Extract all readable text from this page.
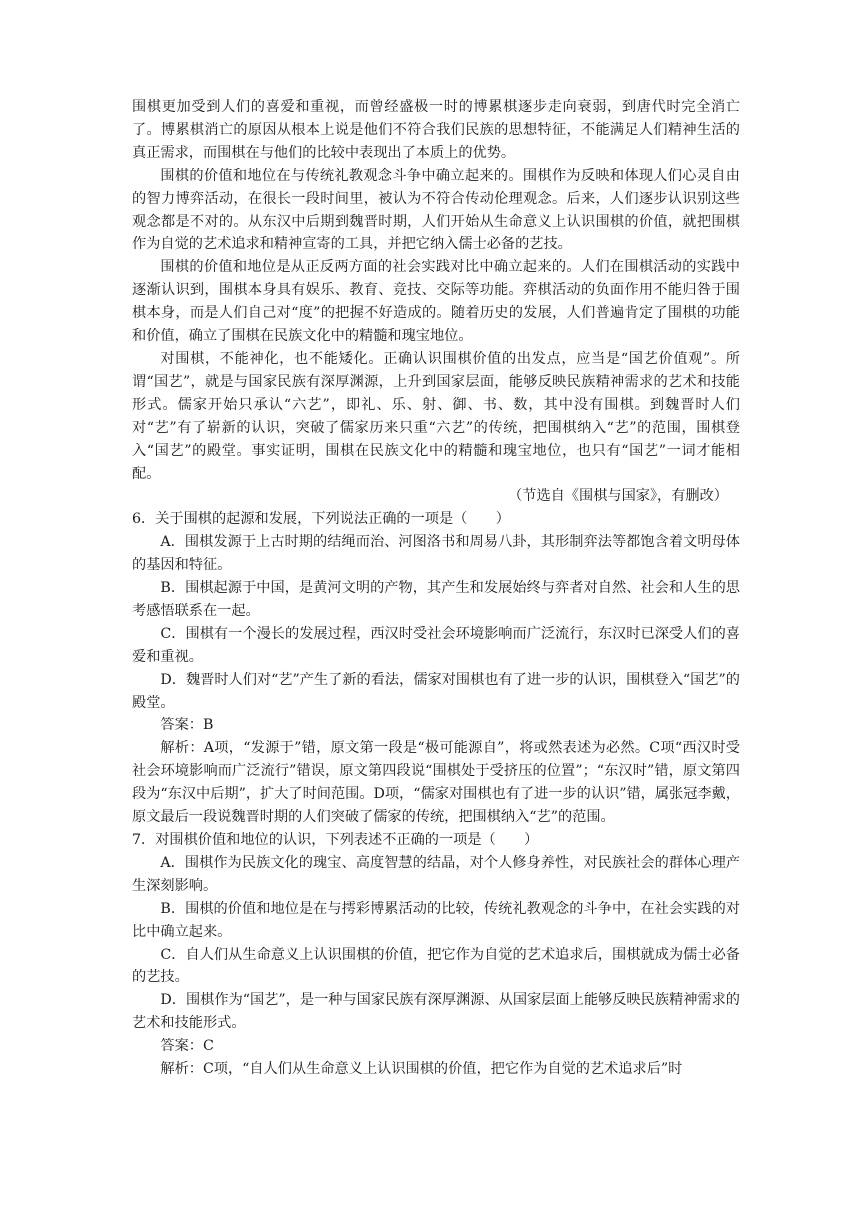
围棋更加受到人们的喜爱和重视，而曾经盛极一时的博累棋逐步走向衰弱，到唐代时完全消亡了。博累棋消亡的原因从根本上说是他们不符合我们民族的思想特征，不能满足人们精神生活的真正需求，而围棋在与他们的比较中表现出了本质上的优势。

围棋的价值和地位在与传统礼教观念斗争中确立起来的。围棋作为反映和体现人们心灵自由的智力博弈活动，在很长一段时间里，被认为不符合传动伦理观念。后来，人们逐步认识别这些观念都是不对的。从东汉中后期到魏晋时期，人们开始从生命意义上认识围棋的价值，就把围棋作为自觉的艺术追求和精神宣寄的工具，并把它纳入儒士必备的艺技。

围棋的价值和地位是从正反两方面的社会实践对比中确立起来的。人们在围棋活动的实践中逐渐认识到，围棋本身具有娱乐、教育、竞技、交际等功能。弈棋活动的负面作用不能归咎于围棋本身，而是人们自己对“度”的把握不好造成的。随着历史的发展，人们普遍肯定了围棋的功能和价值，确立了围棋在民族文化中的精髓和瑰宝地位。

对围棋，不能神化，也不能矮化。正确认识围棋价值的出发点，应当是“国艺价值观”。所谓“国艺”，就是与国家民族有深厚渊源，上升到国家层面，能够反映民族精神需求的艺术和技能形式。儒家开始只承认“六艺”，即礼、乐、射、御、书、数，其中没有围棋。到魏晋时人们对“艺”有了崭新的认识，突破了儒家历来只重“六艺”的传统，把围棋纳入“艺”的范围，围棋登入“国艺”的殿堂。事实证明，围棋在民族文化中的精髓和瑰宝地位，也只有“国艺”一词才能相配。

（节选自《围棋与国家》，有删改）

6．关于围棋的起源和发展，下列说法正确的一项是（　　）

A．围棋发源于上古时期的结绳而治、河图洛书和周易八卦，其形制弈法等都饱含着文明母体的基因和特征。

B．围棋起源于中国，是黄河文明的产物，其产生和发展始终与弈者对自然、社会和人生的思考感悟联系在一起。

C．围棋有一个漫长的发展过程，西汉时受社会环境影响而广泛流行，东汉时已深受人们的喜爱和重视。

D．魏晋时人们对“艺”产生了新的看法，儒家对围棋也有了进一步的认识，围棋登入“国艺”的殿堂。

答案：B

解析：A项，“发源于”错，原文第一段是“极可能源自”，将或然表述为必然。C项“西汉时受社会环境影响而广泛流行”错误，原文第四段说“围棋处于受挤压的位置”；“东汉时”错，原文第四段为“东汉中后期”，扩大了时间范围。D项，“儒家对围棋也有了进一步的认识”错，属张冠李戴，原文最后一段说魏晋时期的人们突破了儒家的传统，把围棋纳入“艺”的范围。

7．对围棋价值和地位的认识，下列表述不正确的一项是（　　）

A．围棋作为民族文化的瑰宝、高度智慧的结晶，对个人修身养性，对民族社会的群体心理产生深刻影响。

B．围棋的价值和地位是在与摴彩博累活动的比较，传统礼教观念的斗争中，在社会实践的对比中确立起来。

C．自人们从生命意义上认识围棋的价值，把它作为自觉的艺术追求后，围棋就成为儒士必备的艺技。

D．围棋作为“国艺”，是一种与国家民族有深厚渊源、从国家层面上能够反映民族精神需求的艺术和技能形式。

答案：C

解析：C项，“自人们从生命意义上认识围棋的价值，把它作为自觉的艺术追求后”时
